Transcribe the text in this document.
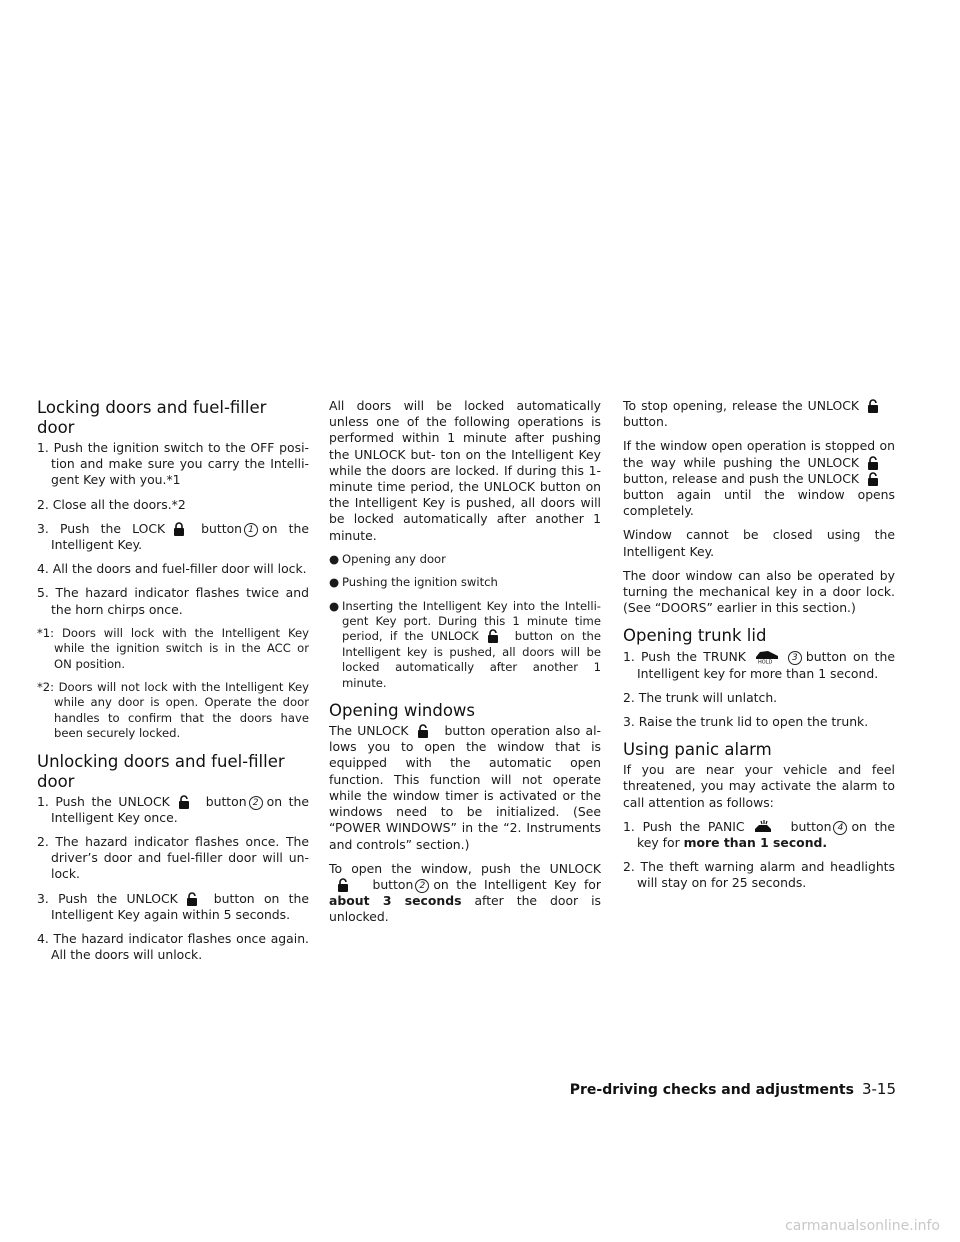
Locking doors and fuel-filler door
1. Push the ignition switch to the OFF posi- tion and make sure you carry the Intelli- gent Key with you.*1
2. Close all the doors.*2
3. Push the LOCK	button 1 on the Intelligent Key.
4. All the doors and fuel-filler door will lock.
5. The hazard indicator flashes twice and the horn chirps once.
*1: Doors will lock with the Intelligent Key while the ignition switch is in the ACC or ON position.
*2: Doors will not lock with the Intelligent Key while any door is open. Operate the door handles to confirm that the doors have been securely locked.
Unlocking doors and fuel-filler door
1. Push the UNLOCK	button 2 on the Intelligent Key once.
2. The hazard indicator flashes once. The driver’s door and fuel-filler door will un- lock.
3. Push the UNLOCK	button on the Intelligent Key again within 5 seconds.
4. The hazard indicator flashes once again. All the doors will unlock.

All doors will be locked automatically unless one of the following operations is performed within 1 minute after pushing the UNLOCK but- ton on the Intelligent Key while the doors are locked. If during this 1-minute time period, the UNLOCK button on the Intelligent Key is pushed, all doors will be locked automatically after another 1 minute.

● Opening any door
● Pushing the ignition switch
● Inserting the Intelligent Key into the Intelli- gent Key port. During this 1 minute time period, if the UNLOCK	button on the Intelligent key is pushed, all doors will be locked automatically after another 1 minute.
Opening windows

The UNLOCK	button operation also al- lows you to open the window that is equipped with the automatic open function. This function will not operate while the window timer is activated or the windows need to be initialized. (See “POWER WINDOWS” in the “2. Instruments and controls” section.)

To open the window, push the UNLOCK
button 2 on the Intelligent Key for about 3 seconds after the door is unlocked.

To stop opening, release the UNLOCK
button.

If the window open operation is stopped on the way while pushing the UNLOCK
button, release and push the UNLOCK
button again until the window opens completely.

Window cannot be closed using the Intelligent Key.

The door window can also be operated by turning the mechanical key in a door lock. (See “DOORS” earlier in this section.)

Opening trunk lid
1. Push the TRUNK HOLD 3 button on the Intelligent key for more than 1 second.
2. The trunk will unlatch.
3. Raise the trunk lid to open the trunk.
Using panic alarm

If you are near your vehicle and feel threatened, you may activate the alarm to call attention as follows:

1. Push the PANIC	button 4 on the key for more than 1 second.
2. The theft warning alarm and headlights will stay on for 25 seconds.
Pre-driving checks and adjustments 3-15
carmanualsonline.info
